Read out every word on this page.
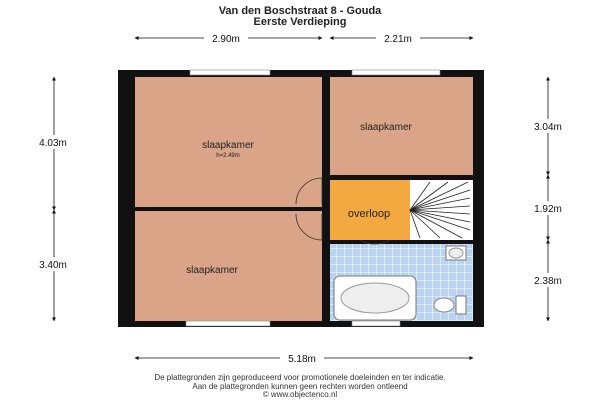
Van den Boschstraat 8 - Gouda
Eerste Verdieping
2.90m	2.21m
5.18m
4.03m
3.40m
3.04m
1.92m
2.38m
slaapkamer
h=2.49m
slaapkamer
slaapkamer
overloop
De plattegronden zijn geproduceerd voor promotionele doeleinden en ter indicatie.
Aan de plattegronden kunnen geen rechten worden ontleend
© www.objectenco.nl
